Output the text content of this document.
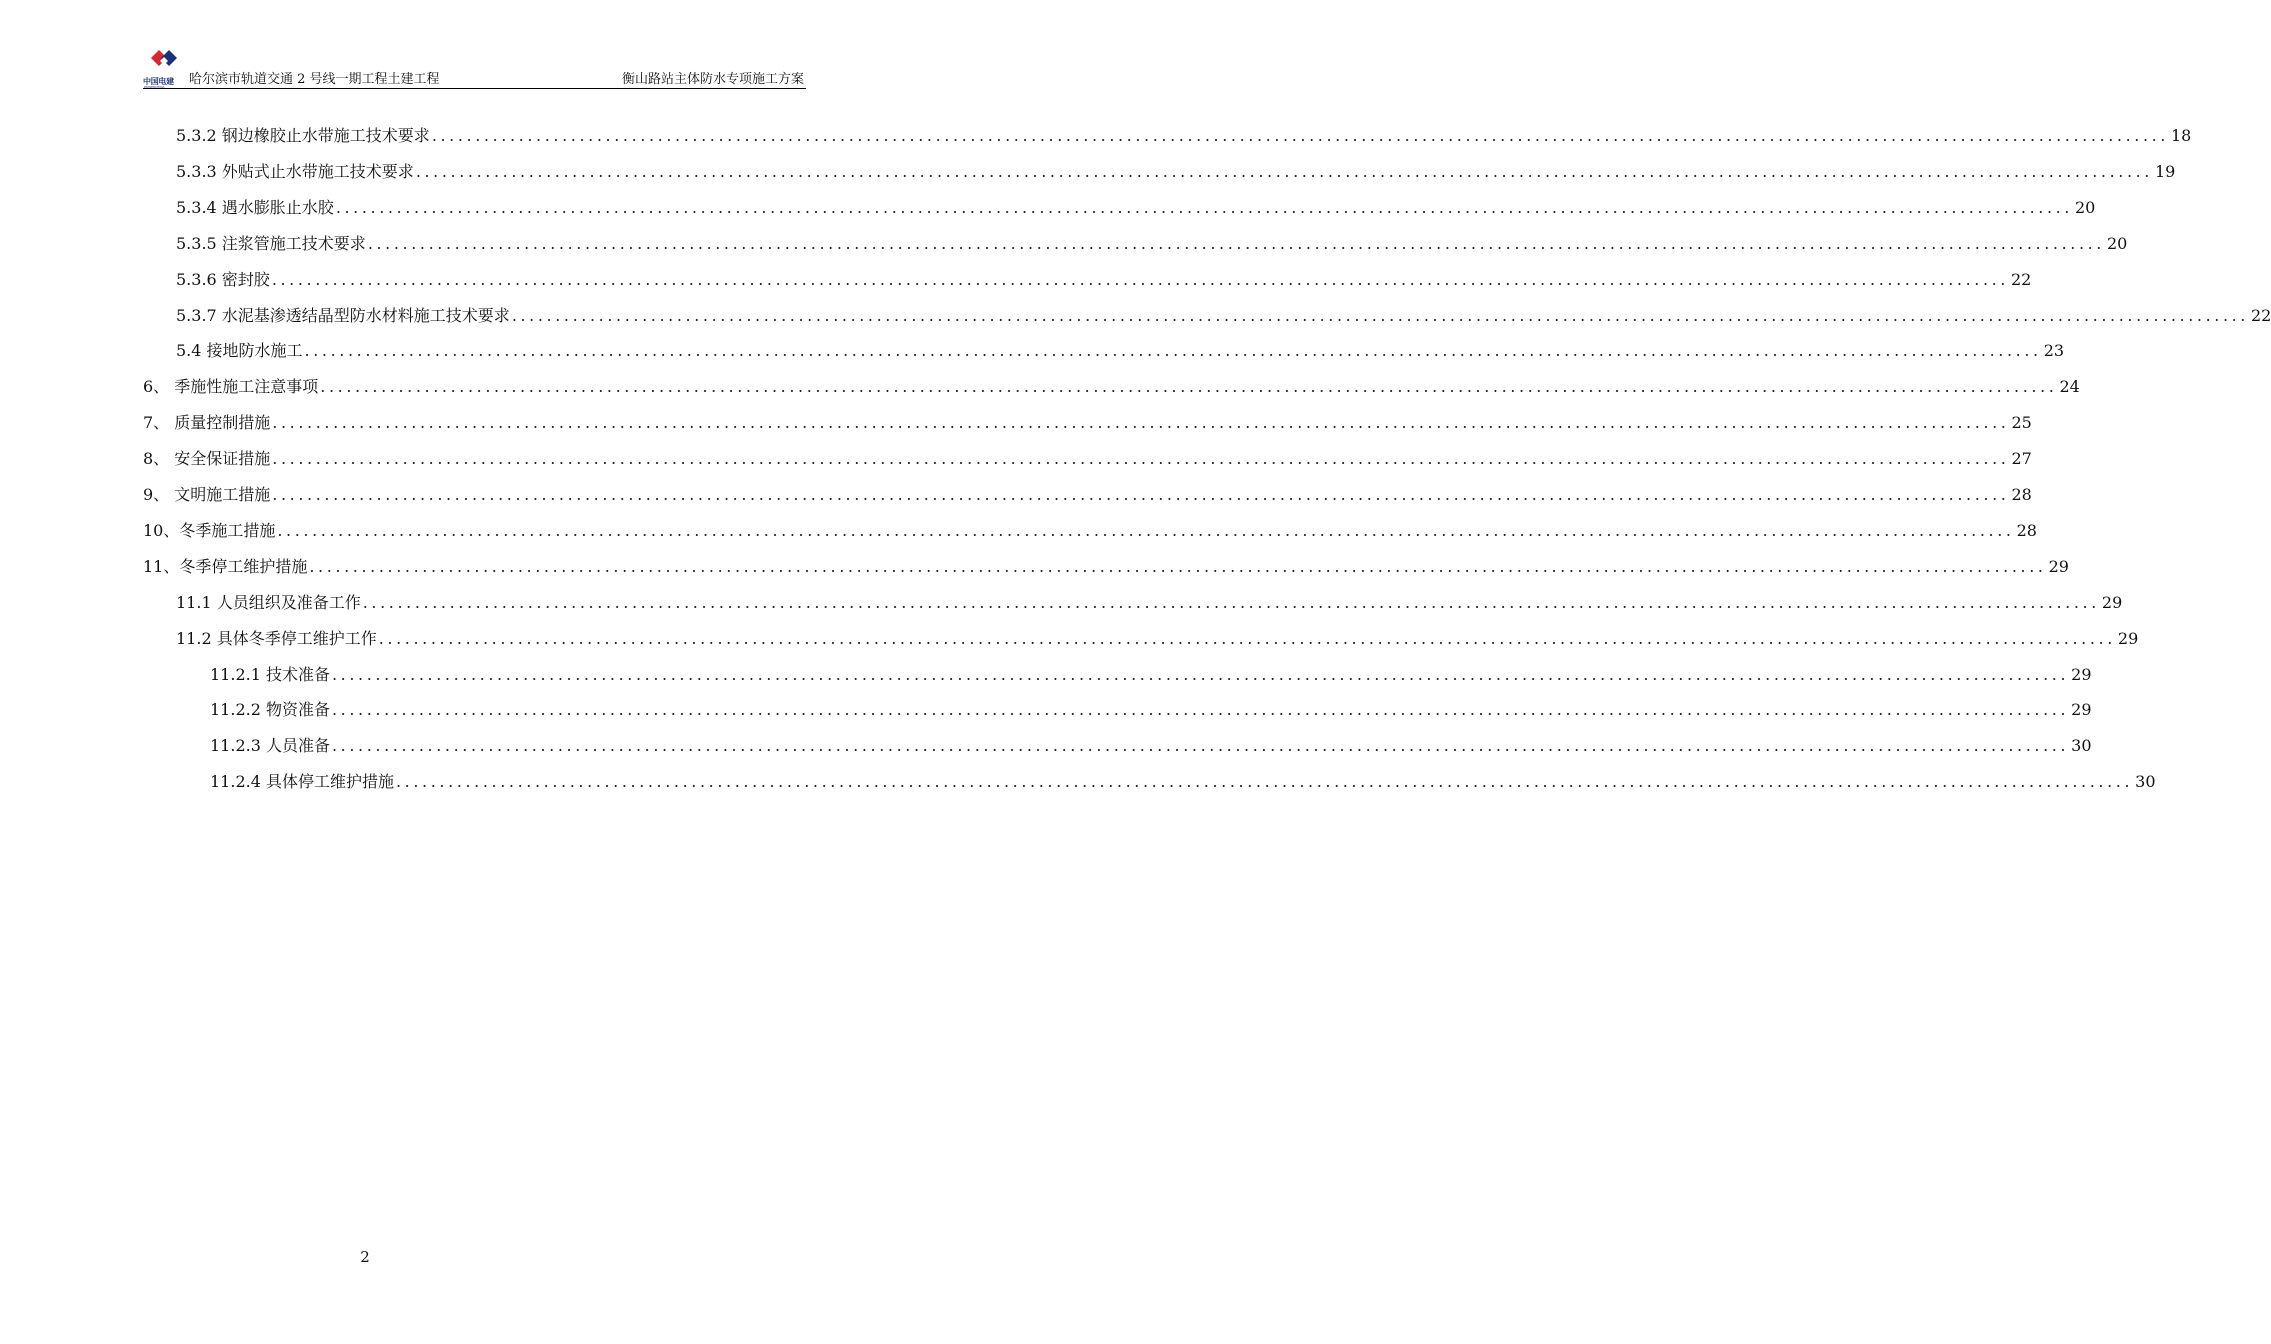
中国电建
POWERCHINA 哈尔滨市轨道交通 2 号线一期工程土建工程	衡山路站主体防水专项施工方案
5.3.2 钢边橡胶止水带施工技术要求 ........................................................................................................................................................................................................ 18
5.3.3 外贴式止水带施工技术要求 ........................................................................................................................................................................................................ 19
5.3.4 遇水膨胀止水胶 ........................................................................................................................................................................................................ 20
5.3.5 注浆管施工技术要求 ........................................................................................................................................................................................................ 20
5.3.6 密封胶 ........................................................................................................................................................................................................ 22
5.3.7 水泥基渗透结晶型防水材料施工技术要求 ........................................................................................................................................................................................................ 22
5.4 接地防水施工 ........................................................................................................................................................................................................ 23
6、 季施性施工注意事项 ........................................................................................................................................................................................................ 24
7、 质量控制措施 ........................................................................................................................................................................................................ 25
8、 安全保证措施 ........................................................................................................................................................................................................ 27
9、 文明施工措施 ........................................................................................................................................................................................................ 28
10、冬季施工措施 ........................................................................................................................................................................................................ 28
11、冬季停工维护措施 ........................................................................................................................................................................................................ 29
11.1 人员组织及准备工作 ........................................................................................................................................................................................................ 29
11.2 具体冬季停工维护工作 ........................................................................................................................................................................................................ 29
11.2.1 技术准备 ........................................................................................................................................................................................................ 29
11.2.2 物资准备 ........................................................................................................................................................................................................ 29
11.2.3 人员准备 ........................................................................................................................................................................................................ 30
11.2.4 具体停工维护措施 ........................................................................................................................................................................................................ 30
2
